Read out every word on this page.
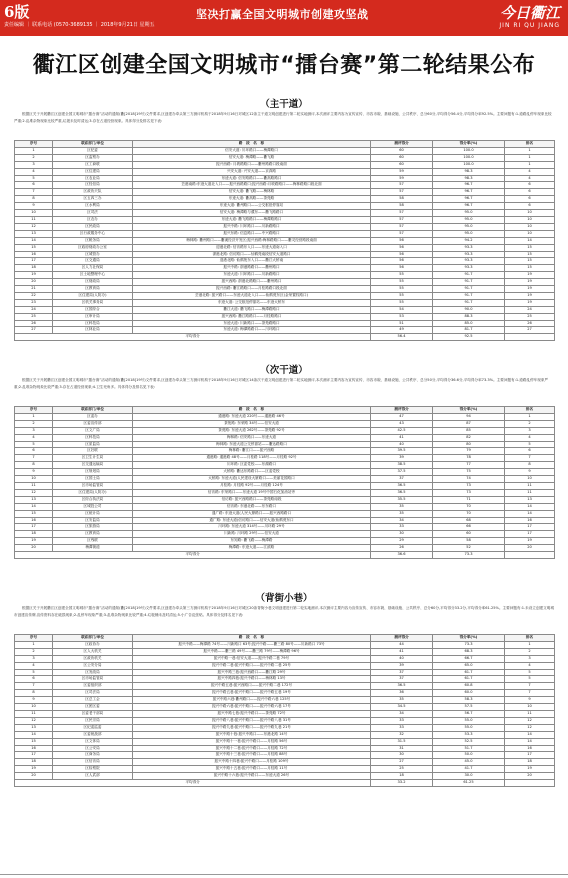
6版
责任编辑 ｜ 联系电话 (0570-3689135 ｜ 2018年9月21日 星期五
坚决打赢全国文明城市创建攻坚战	今日衢江
JIN RI QU JIANG
衢江区创建全国文明城市“擂台赛”第二轮结果公布
（主干道）
根据区关于开展衢江区创建全国文明城市“擂台赛”活动的通知(衢[2018]19号)文件要求,区创建办牵头第三方测评机构于2018年9月16日对城区12条主干道文明创建进行第二轮实地测评,本次测评主要内容为宣传宣传、市容市貌、基础设施、公共秩序、总分60分,平均得分56.4分,平均得分率92.5%。主要问题有:1.道路乱停车现象比较严重;2.乱堆杂物现象比较严重,垃圾未及时清运;3.存在占道经营现象。具体得分及排名见下表:
序号	联系部门/单位	路　段　名　称	测评得分	得分率(%)	排名
1	区纪委	信安大道: 川环路口——梅潭路口	60	100.0	1
2	区监察办	信安大道: 梅潭路——衢飞路	60	100.0	1
3	区工商联	振兴西路: 月坡路路口——衢州路路口段南面	60	100.0	1
4	区住建局	兴安大道: 兴安大道——京真路	59	98.3	4
5	区农业局	东迹大道: 信安路路口——衢高路路口	59	98.3	4
6	区经信局	芸港南路:东迹大道北入口——振兴西路路口;振兴西路:月坡路路口——梅林路路口段北面	57	96.7	6
7	区政协天队	信安大道: 衢飞路——梅林路	57	96.7	6
8	区五四三办	东迹大道: 衢高路——茶苑路	58	96.7	6
9	区水利局	东迹大道: 衢州路口——公交枢纽停靠站	58	96.7	6
10	区司法	信安大道: 梅潭路与濮东——衢飞路路口	57	95.0	10
11	区农办	东迹大道: 衢飞路路口——梅潭路路口	57	95.0	10
12	区民政局	振兴中路: 川环路口——川新路路口	57	95.0	10
13	区行政服务中心	振兴东路: 信息路口——中兴路路口	57	95.0	10
14	区税务局	梅林路: 衢州路口——衢溪经济开发区;振兴西路:梅林路路口——衢灵经营路段南面	56	94.2	14
15	区政府财政办公室	迎港北路: 信访路东入口——东迹大道南入口	56	93.3	15
16	区城管办	浙港北路: 信访路口——仙鹤苑南段信安大道路口	56	93.3	15
17	区交通局	迎港北路: 仙鹤苑东入口——衢江大桥南	56	93.3	15
18	区人力社保局	振兴中路: 浙港路路口——衢州路口	56	93.3	15
19	区土地整理中心	东迹大道: 川环路口——川新路路口	55	91.7	19
20	区财政局	振兴西路: 浙港北路路口——衢州路口	55	91.7	19
21	区教育局	振兴西路: 衢江路路口——月桂路路口段北面	55	91.7	19
22	区住建局(人防办)	芸港北路: 振兴路口——东迹大道北入口——仙鹤苑东区(金荣置权路口)	55	91.7	19
23	区机关事务局	东迹大道: 公交枢纽停靠站——东迹大桥东	55	91.7	19
24	区园综合	衢江大道: 衢飞路口——梅潭路路口	54	90.0	24
25	区审计局	振兴西路: 衢江路路口——月桂路路口	53	88.3	25
26	区科技局	东迹大道: 川新路口——茶苑路路口	51	85.0	26
27	区林业局	东迹大道: 梅潭路路口——川环路口	49	81.7	27
平均得分			56.4	92.5	
（次干道）
根据区关于开展衢江区创建全国文明城市“擂台赛”活动的通知(衢[2018]19号)文件要求,区创建办牵头第三方测评机构于2018年9月16日对城区14条次干道文明创建进行第二轮实地测评,本次测评主要内容为宣传宣传、市容市貌、基础设施、公共秩序、总分50分,平均得分36.6分,平均得分率73.3%。主要问题有:1.道路乱停车现象严重;2.乱堆杂物现象比较严重;3.存在占道经营现象;4.卫生死角多。具体得分及排名见下表:
序号	联系部门/单位	路　段　名　称	测评得分	得分率(%)	排名
1	区委办	通港路: 东迹大道 220号——通港路 46号	47	94	1
2	区委宣传部	茶苑路: 东荣路 34号——信安大道	43	87	2
3	区文广局	茶苑路: 东迹大道 262号——茶苑路 92号	42.5	85	3
4	区科技局	梅林路: 信安路口——东迹大道	41	82	4
5	区质监局	梅林路: 东迹大道公交停靠站——衢达路路口	40	80	5
6	区妇联	梅林路: 衢江口——振兴西路	39.5	79	6
7	区卫生计生局	通港路: 通港路 48号——月桂路 118号——月桂路 92号	39	78	7
8	区交通运输局	川环路: 区委党校——东湖路口	38.5	77	8
9	区规划局	大桥路: 衢达东路路口——区委党校	37.5	75	9
10	区国土局	大桥路: 东迹大道(人民建设大厦路口——美丽花园路口	37	74	10
11	区市场监管局	月桂路: 月桂路 92号——月桂路 124号	36.5	73	11
12	区住建局(人防办)	信访路: 东荣路口——东迹大道 19号中国石化加油站旁	36.5	73	11
13	区综合执法局	信访路: 振兴西路路口——茶苑路南段	35.5	71	13
14	区城投公司	信访路: 东港北路——东东路口	35	70	14
15	区统计局	通广路: 东迹大道(人民大厦路口——振兴西路路口	35	70	14
16	区安监局	通广路: 东迹大道(信访路口——信安大道(仙鹤苑东口	34	68	16
17	区旅游局	川环路: 东迹大道 314号——川环路 29号	33	66	17
18	区教育局	川新路: 川环路 29号——信安大道	30	60	17
19	区残联	东知路: 衢飞路——梅潭路	29	58	19
20	梅潭街道	梅潭路: 东迹大道——江滨路	26	52	20
平均得分			36.6	73.3	
（背街小巷）
根据区关于开展衢江区创建全国文明城市“擂台赛”活动的通知(衢[2018]19号)文件要求,区创建办牵头第三方测评机构于2018年9月16日对城区20条背街小巷文明创建进行第二轮实地测评,本次测评主要内容为宣传宣传、市容市貌、基础设施、公共秩序、总分60分,平均得分33.2分,平均得分率61.25%。主要问题有:1.未设立创建文明城市创建宣传牌,宣传资料存在破损现象;2.乱停车现象严重;3.乱堆杂物现象比较严重;4.垃圾桶未及时清运;5.小广告乱张贴。具体得分及排名见下表:
序号	联系部门/单位	路　段　名　称	测评得分	得分率(%)	排名
1	区政协办	振兴中路——梅潭路 74号——川新路口 63号;振兴中路——衢三路 80号——川新路口 73号	44	73.3	1
2	区人大机关	振兴中路——衢三路 49号——衢三路 79号——梅潭路 96号	41	68.3	2
3	区政协机关	振兴中路一巷:信安大道——振兴中路二巷 79号	40	66.7	3
4	区公安分局	振兴中路二巷:振兴中路口——振兴中路二巷 25号	39	65.0	4
5	区发改局	振兴中路三巷:振兴西路口——衢江路 29号	37	61.7	5
6	区市场监管局	振兴中路四巷:振兴中路口——梅林路 13号	37	61.7	5
7	区委组织部	振兴中路五巷:振兴西路口——振兴中路二巷 172号	36.5	60.8	7
8	区司法局	振兴中路五巷:振兴中路口——振兴中路五巷 19号	36	60.0	7
9	区总工会	振兴中路六巷:衢州路口——振兴中路六巷 125号	35	58.3	9
10	区团区委	振兴中路六巷:振兴中路口——振兴中路六巷 17号	34.5	57.5	10
11	区委老干部局	振兴中路七巷:振兴中路口——茶苑路 72号	34	56.7	11
12	区民宗局	振兴中路八巷:振兴中路口——振兴中路八巷 31号	33	55.0	12
13	区纪委监委	振兴中路九巷:振兴中路口——振兴中路九巷 21号	33	55.0	12
14	区委统战部	振兴中路十巷:振兴中路口——东港北路 14号	32	53.3	14
15	区文体局	振兴中路十一巷:振兴中路口——月桂路 56号	31.5	52.5	14
16	区公安局	振兴中路十二巷:振兴中路口——月桂路 72号	31	51.7	16
17	区商务局	振兴中路十三巷:振兴中路口——月桂路 88号	30	50.0	17
18	区信访局	振兴中路十四巷:振兴中路口——月桂路 109号	27	45.0	18
19	区检察院	振兴中路十五巷:振兴中路口——月桂路 11号	25	41.7	19
20	区人武部	振兴中路十六巷:振兴中路口——东迹大道 26号	18	30.0	20
平均得分			33.2	61.25	
